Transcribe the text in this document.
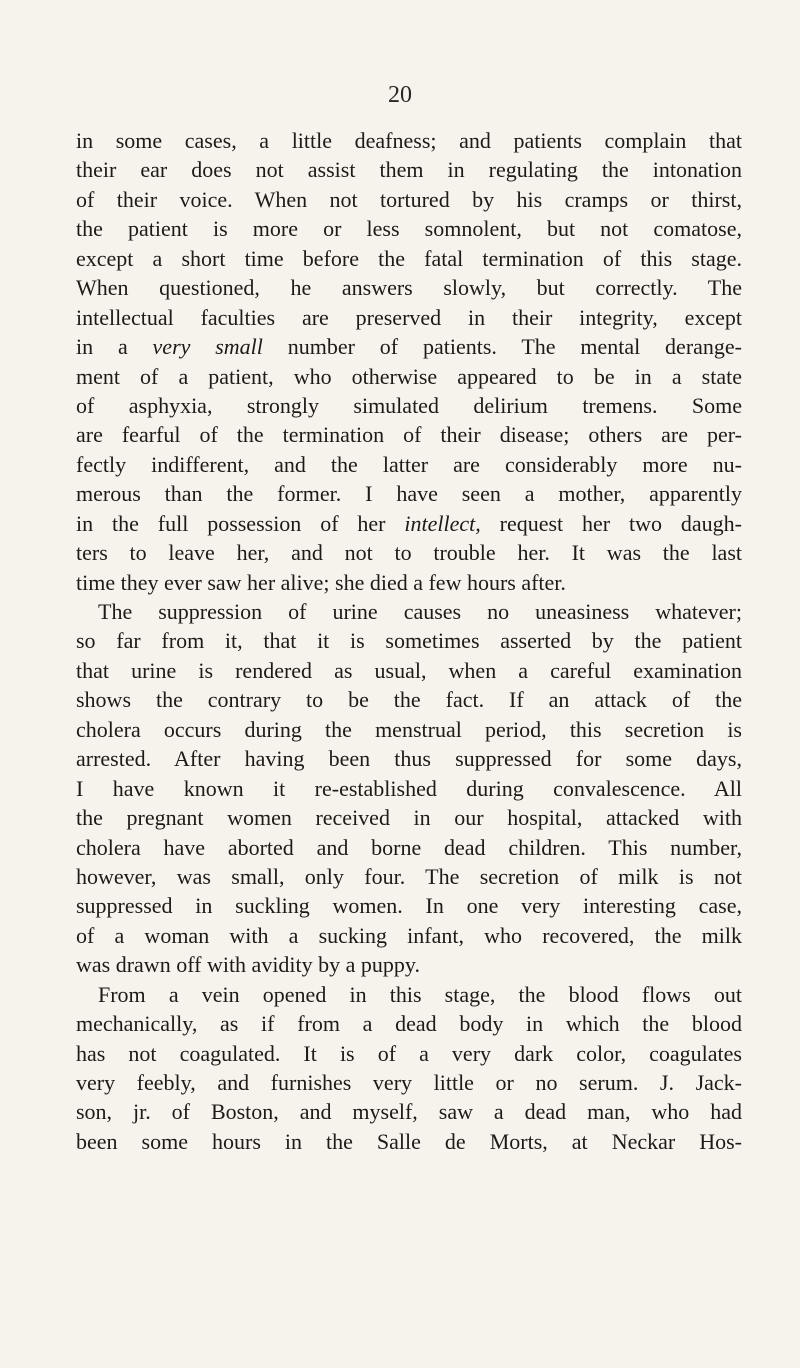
20
in some cases, a little deafness; and patients complain that
their ear does not assist them in regulating the intonation
of their voice. When not tortured by his cramps or thirst,
the patient is more or less somnolent, but not comatose,
except a short time before the fatal termination of this stage.
When questioned, he answers slowly, but correctly. The
intellectual faculties are preserved in their integrity, except
in a very small number of patients. The mental derange-
ment of a patient, who otherwise appeared to be in a state
of asphyxia, strongly simulated delirium tremens. Some
are fearful of the termination of their disease; others are per-
fectly indifferent, and the latter are considerably more nu-
merous than the former. I have seen a mother, apparently
in the full possession of her intellect, request her two daugh-
ters to leave her, and not to trouble her. It was the last
time they ever saw her alive; she died a few hours after.
The suppression of urine causes no uneasiness whatever;
so far from it, that it is sometimes asserted by the patient
that urine is rendered as usual, when a careful examination
shows the contrary to be the fact. If an attack of the
cholera occurs during the menstrual period, this secretion is
arrested. After having been thus suppressed for some days,
I have known it re-established during convalescence. All
the pregnant women received in our hospital, attacked with
cholera have aborted and borne dead children. This number,
however, was small, only four. The secretion of milk is not
suppressed in suckling women. In one very interesting case,
of a woman with a sucking infant, who recovered, the milk
was drawn off with avidity by a puppy.
From a vein opened in this stage, the blood flows out
mechanically, as if from a dead body in which the blood
has not coagulated. It is of a very dark color, coagulates
very feebly, and furnishes very little or no serum. J. Jack-
son, jr. of Boston, and myself, saw a dead man, who had
been some hours in the Salle de Morts, at Neckar Hos-
